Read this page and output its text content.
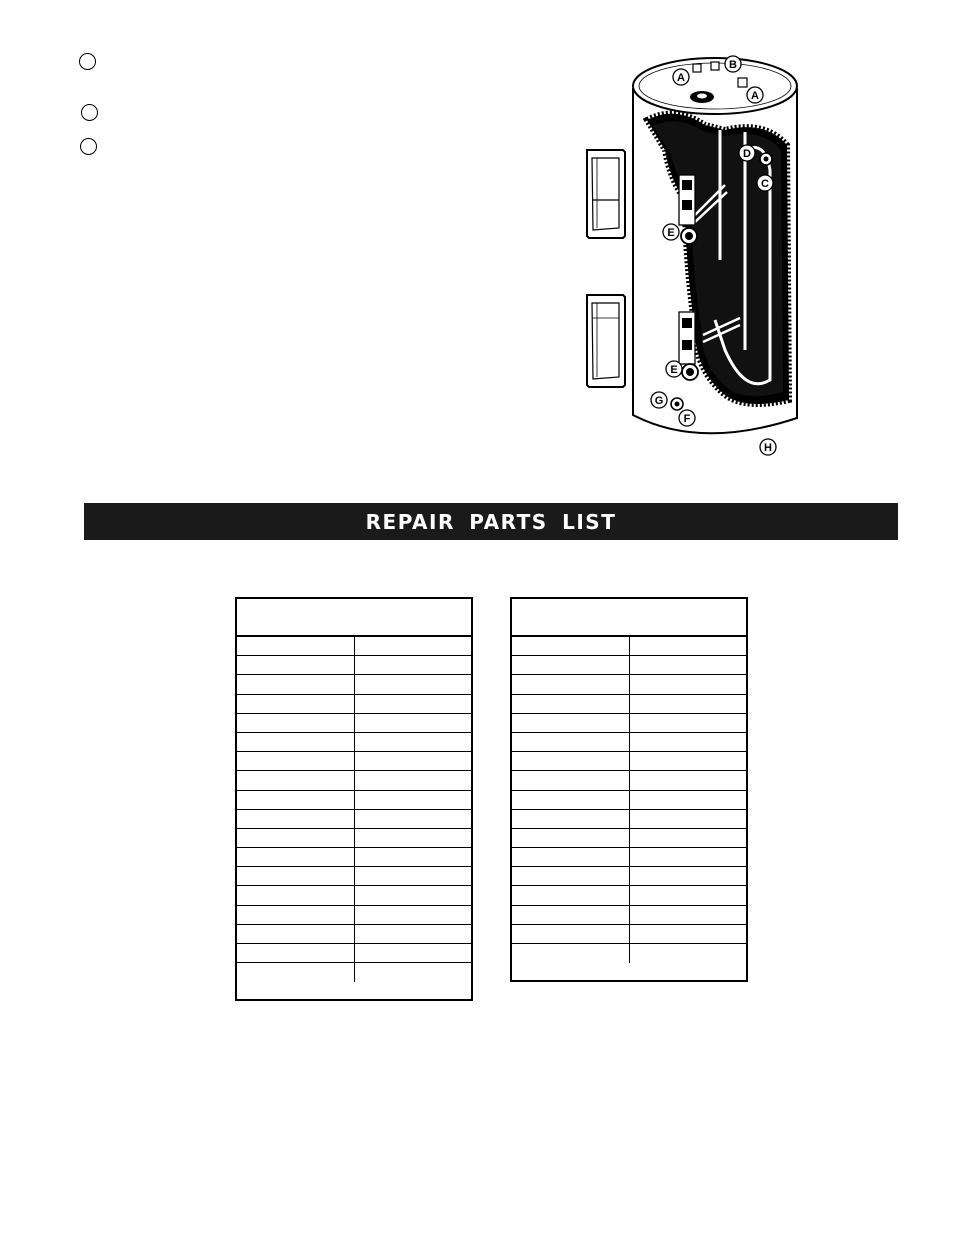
A
B
A
D
C
E
E
G
F
H
REPAIR PARTS LIST
